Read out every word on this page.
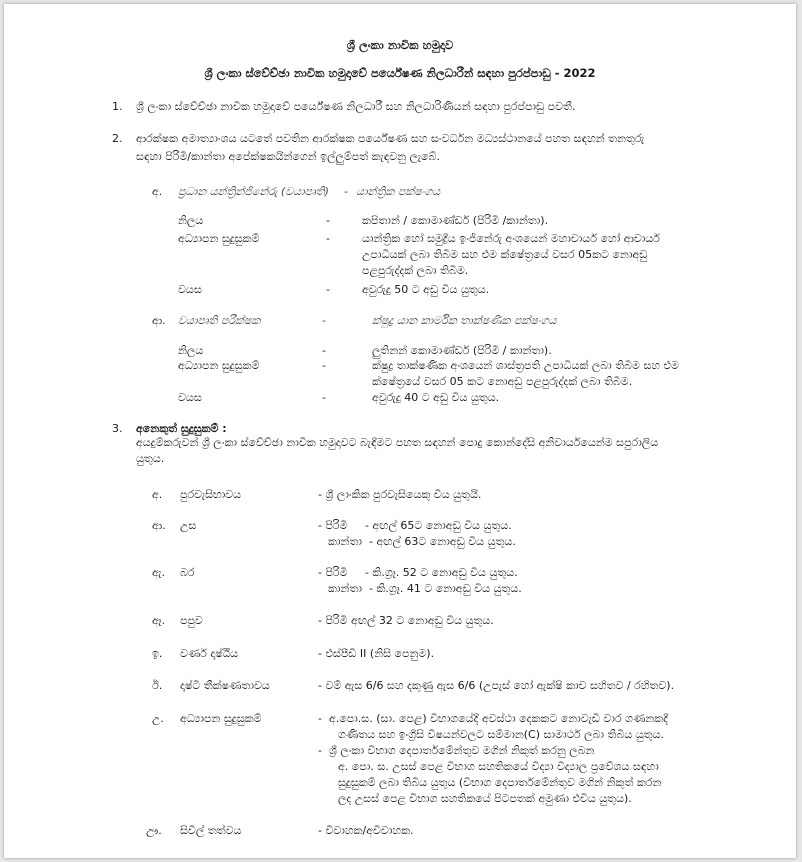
ශ්‍රී ලංකා නාවික හමුදාව
ශ්‍රී ලංකා ස්වේච්ඡා නාවික හමුදාවේ පර්යේෂණ නිලධාරීන් සඳහා පුරප්පාඩු - 2022
1. ශ්‍රී ලංකා ස්වේච්ඡා නාවික හමුදාවේ පර්යේෂණ නිලධාරී සහ නිලධාරිණියන් සඳහා පුරප්පාඩු පවතී.
2. ආරක්ෂක අමාත්‍යාංශය යටතේ පවතින ආරක්ෂක පර්යේෂණ සහ සංවර්ධන මධ්‍යස්ථානයේ පහත සඳහන් තනතුරු
සඳහා පිරිමි/කාන්තා අපේක්ෂකයින්ගෙන් ඉල්ලුම්පත් කැඳවනු ලැබේ.
අ. ප්‍රධාන යන්ත්‍රින්ජිනේරු (වයාපෘති) - යාන්ත්‍රික පක්ෂංගය
නිලය	-	කපිතාන් / කොමාණ්ඩර් (පිරිමි /කාන්තා).
අධ්‍යාපන සුදුසුකම්	-	යාන්ත්‍රික හෝ සමුද්‍රීය ඉංජිනේරු අංශයෙන් මහාචාර්ය හෝ ආචාර්ය
උපාධියක් ලබා තිබීම සහ එම ක්ෂේත්‍රයේ වසර 05කට නොඅඩු
පළපුරුද්දක් ලබා තිබීම.
වයස	-	අවුරුදු 50 ට අඩු විය යුතුය.
ආ. වයාපෘති පරීක්ෂක	-	ක්ෂුද්‍ර යාන කාර්මික තාක්ෂණික පක්ෂංගය
නිලය	-	ලුතිනන් කොමාණ්ඩර් (පිරිමි / කාන්තා).
අධ්‍යාපන සුදුසුකම්	-	ක්ෂුද්‍ර තාක්ෂණික අංශයෙන් ශාස්ත්‍රපති උපාධියක් ලබා තිබීම සහ එම
ක්ෂේත්‍රයේ වසර 05 කට නොඅඩු පළපුරුද්දක් ලබා තිබීම.
වයස	-	අවුරුදු 40 ට අඩු විය යුතුය.
3. අනෙකුත් සුදුසුකම් :
අයදුම්කරුවන් ශ්‍රී ලංකා ස්වේච්ඡා නාවික හමුදාවට බැඳීමට පහත සඳහන් පොදු කොන්දේසි අනිවාර්යයෙන්ම සපුරාලිය
යුතුය.
අ. පුරවැසිභාවය	- ශ්‍රී ලාංකික පුරවැසියෙකු විය යුතුයි.
ආ. උස	- පිරිමි     - අඟල් 65ට නොඅඩු විය යුතුය.
කාන්තා  - අඟල් 63ට නොඅඩු විය යුතුය.
ඇ. බර	- පිරිමි     - කි.ග්‍රෑ. 52 ට නොඅඩු විය යුතුය.
කාන්තා  - කි.ග්‍රෑ. 41 ට නොඅඩු විය යුතුය.
ඈ. පපුව	- පිරිමි අඟල් 32 ට නොඅඩු විය යුතුය.
ඉ. වර්ණ දෘෂ්ඨිය	- එස්පීඩී II (නිසි පෙනුම).
ඊ. දෘෂ්ටි තීක්ෂණතාවය	- වම් ඇස 6/6 සහ දකුණු ඇස 6/6 (උපැස් හෝ ඇක්ෂි කාච සහිතව / රහිතව).
උ. අධ්‍යාපන සුදුසුකම්	-  අ.පො.ස. (සා. පෙළ) විභාගයේදී අවස්ථා දෙකකට නොවැඩි වාර ගණනකදී
ගණිතය සහ ඉංග්‍රීසි විෂයන්වලට සම්මාන(C) සාමාර්ථ ලබා තිබිය යුතුය.
-  ශ්‍රී ලංකා විභාග දෙපාර්තමේන්තුව මගින් නිකුත් කරනු ලබන
අ. පො. ස. උසස් පෙළ විභාග සහතිකයේ විද්‍යා විද්‍යාල ප්‍රවේශය සඳහා
සුදුසුකම් ලබා තිබිය යුතුය (විභාග දෙපාර්තමේන්තුව මගින් නිකුත් කරන
ලද උසස් පෙළ විභාග සහතිකයේ පිටපතක් අමුණා එවිය යුතුය).
ඌ. සිවිල් තත්වය	- විවාහක/අවිවාහක.
